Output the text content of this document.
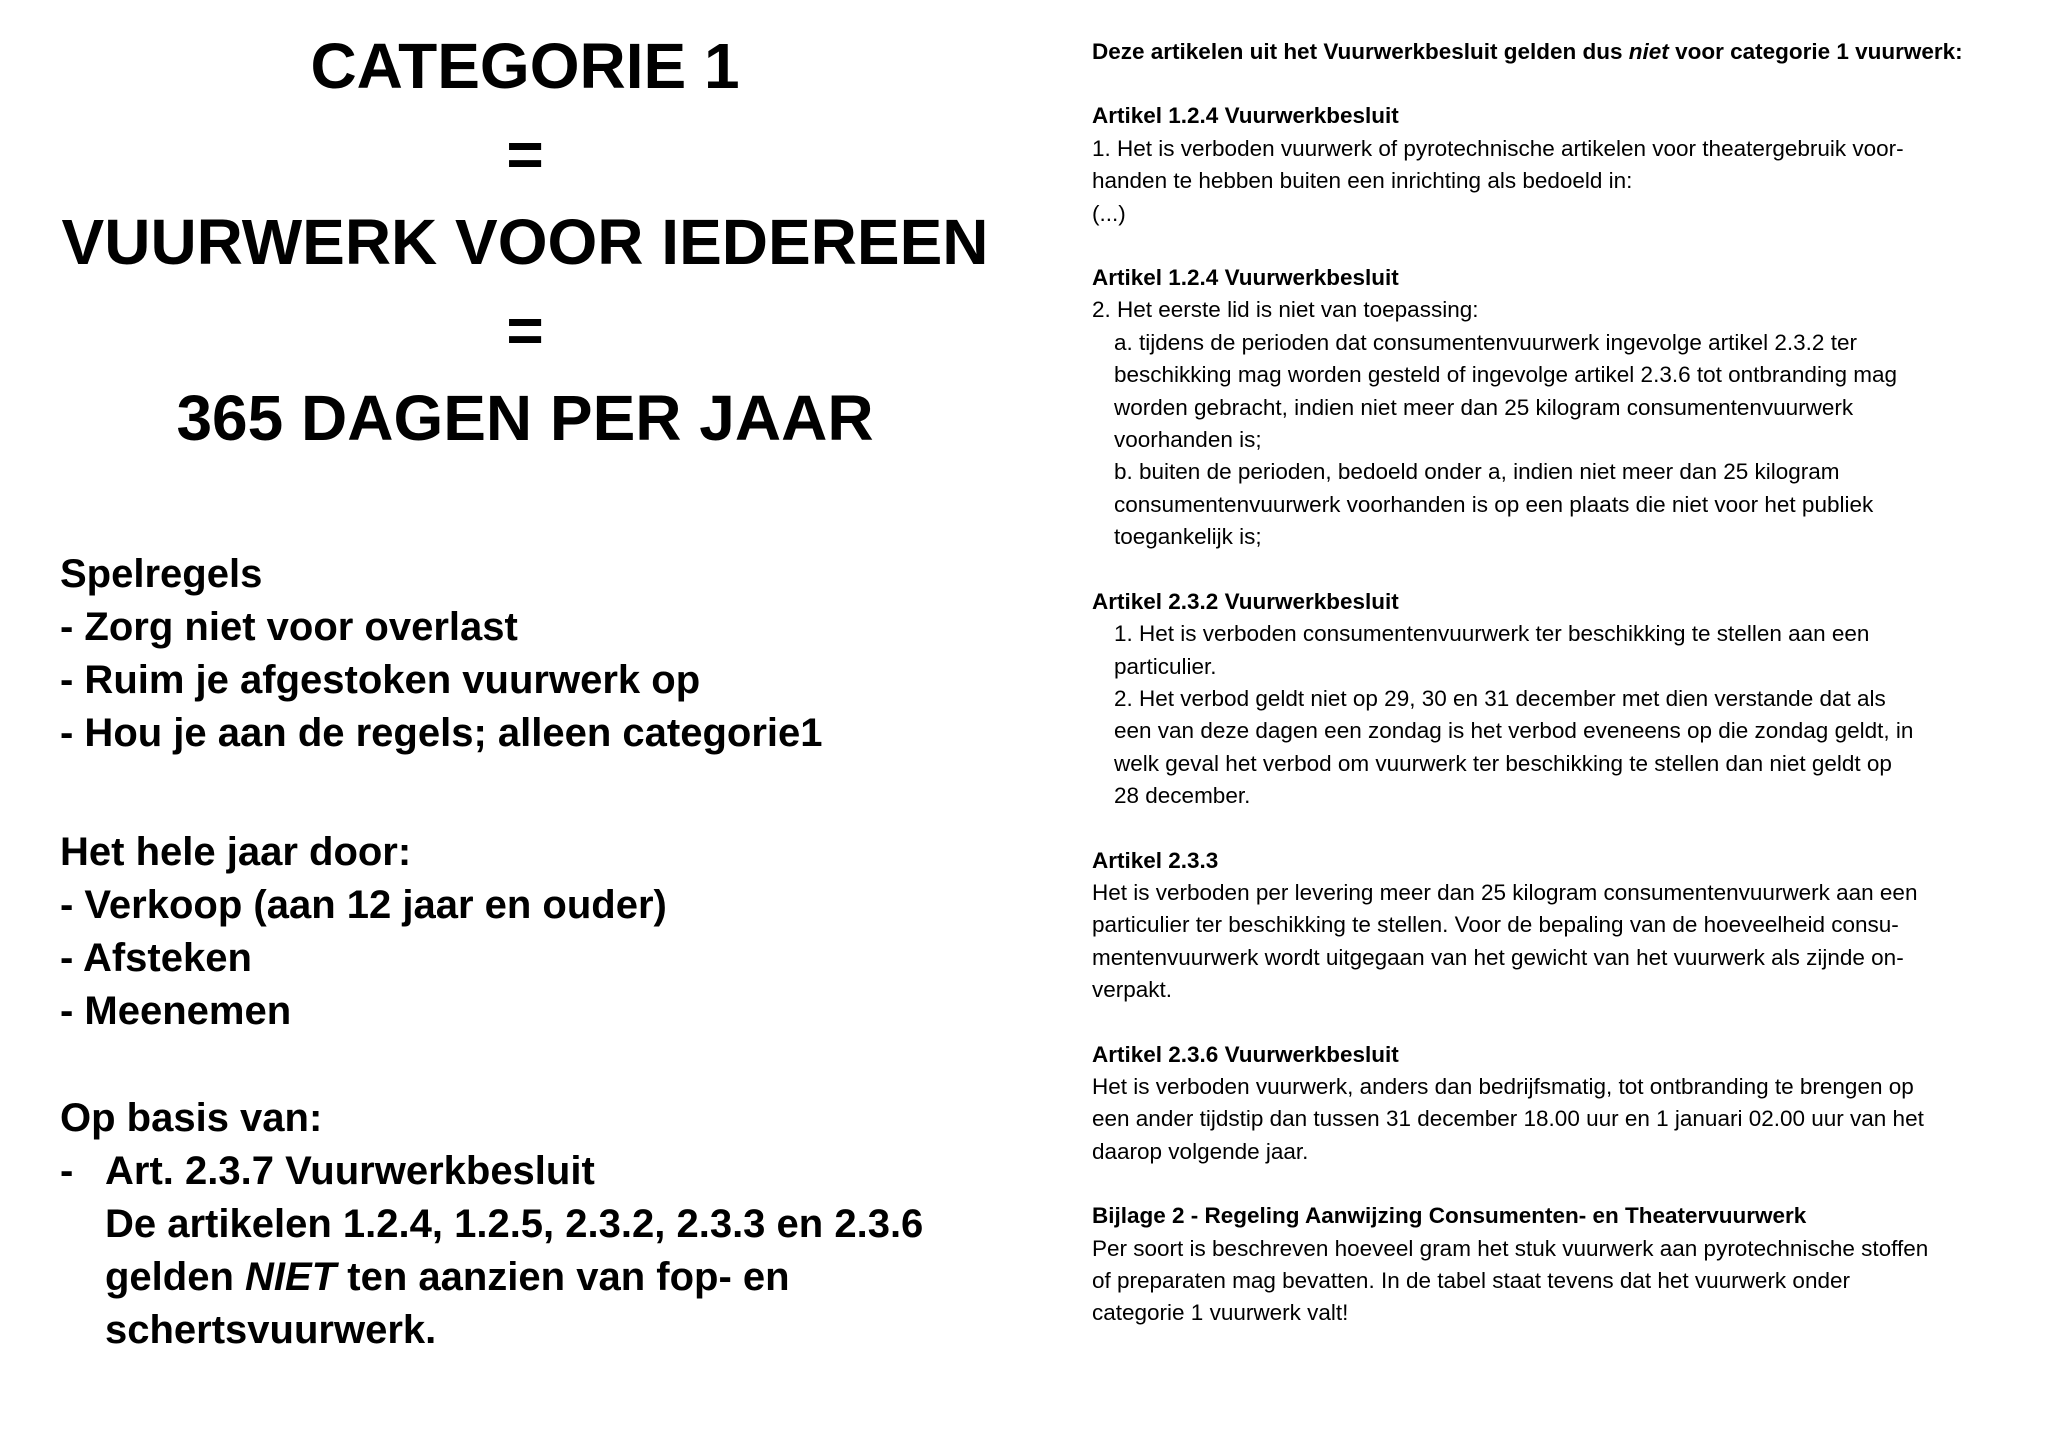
CATEGORIE 1
=
VUURWERK VOOR IEDEREEN
=
365 DAGEN PER JAAR
Spelregels
- Zorg niet voor overlast
- Ruim je afgestoken vuurwerk op
- Hou je aan de regels; alleen categorie1
Het hele jaar door:
- Verkoop (aan 12 jaar en ouder)
- Afsteken
- Meenemen
Op basis van:
- Art. 2.3.7 Vuurwerkbesluit
De artikelen 1.2.4, 1.2.5, 2.3.2, 2.3.3 en 2.3.6
gelden NIET ten aanzien van fop- en
schertsvuurwerk.

Deze artikelen uit het Vuurwerkbesluit gelden dus niet voor categorie 1 vuurwerk:

Artikel 1.2.4 Vuurwerkbesluit

1. Het is verboden vuurwerk of pyrotechnische artikelen voor theatergebruik voor-

handen te hebben buiten een inrichting als bedoeld in:

(...)

Artikel 1.2.4 Vuurwerkbesluit

2. Het eerste lid is niet van toepassing:

a. tijdens de perioden dat consumentenvuurwerk ingevolge artikel 2.3.2 ter

beschikking mag worden gesteld of ingevolge artikel 2.3.6 tot ontbranding mag

worden gebracht, indien niet meer dan 25 kilogram consumentenvuurwerk

voorhanden is;

b. buiten de perioden, bedoeld onder a, indien niet meer dan 25 kilogram

consumentenvuurwerk voorhanden is op een plaats die niet voor het publiek

toegankelijk is;

Artikel 2.3.2 Vuurwerkbesluit

1. Het is verboden consumentenvuurwerk ter beschikking te stellen aan een

particulier.

2. Het verbod geldt niet op 29, 30 en 31 december met dien verstande dat als

een van deze dagen een zondag is het verbod eveneens op die zondag geldt, in

welk geval het verbod om vuurwerk ter beschikking te stellen dan niet geldt op

28 december.

Artikel 2.3.3

Het is verboden per levering meer dan 25 kilogram consumentenvuurwerk aan een

particulier ter beschikking te stellen. Voor de bepaling van de hoeveelheid consu-

mentenvuurwerk wordt uitgegaan van het gewicht van het vuurwerk als zijnde on-

verpakt.

Artikel 2.3.6 Vuurwerkbesluit

Het is verboden vuurwerk, anders dan bedrijfsmatig, tot ontbranding te brengen op

een ander tijdstip dan tussen 31 december 18.00 uur en 1 januari 02.00 uur van het

daarop volgende jaar.

Bijlage 2 - Regeling Aanwijzing Consumenten- en Theatervuurwerk

Per soort is beschreven hoeveel gram het stuk vuurwerk aan pyrotechnische stoffen

of preparaten mag bevatten. In de tabel staat tevens dat het vuurwerk onder

categorie 1 vuurwerk valt!
